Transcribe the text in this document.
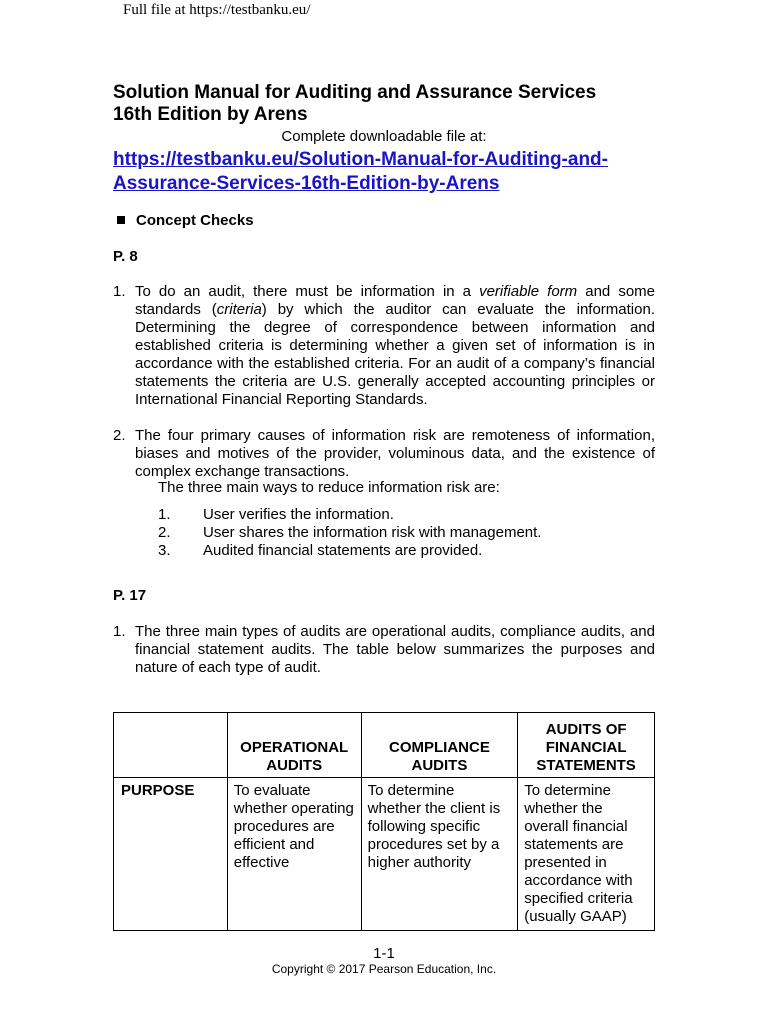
Full file at https://testbanku.eu/
Solution Manual for Auditing and Assurance Services
16th Edition by Arens
Complete downloadable file at:
https://testbanku.eu/Solution-Manual-for-Auditing-and-
Assurance-Services-16th-Edition-by-Arens
Concept Checks
P. 8
1. To do an audit, there must be information in a verifiable form and some standards (criteria) by which the auditor can evaluate the information. Determining the degree of correspondence between information and established criteria is determining whether a given set of information is in accordance with the established criteria. For an audit of a company’s financial statements the criteria are U.S. generally accepted accounting principles or International Financial Reporting Standards.
2. The four primary causes of information risk are remoteness of information, biases and motives of the provider, voluminous data, and the existence of complex exchange transactions.
The three main ways to reduce information risk are:
1. User verifies the information.
2. User shares the information risk with management.
3. Audited financial statements are provided.
P. 17
1. The three main types of audits are operational audits, compliance audits, and financial statement audits. The table below summarizes the purposes and nature of each type of audit.
	OPERATIONAL AUDITS	COMPLIANCE AUDITS	AUDITS OF FINANCIAL STATEMENTS
PURPOSE	To evaluate whether operating procedures are efficient and effective	To determine whether the client is following specific procedures set by a higher authority	To determine whether the overall financial statements are presented in accordance with specified criteria (usually GAAP)
1-1
Copyright © 2017 Pearson Education, Inc.
